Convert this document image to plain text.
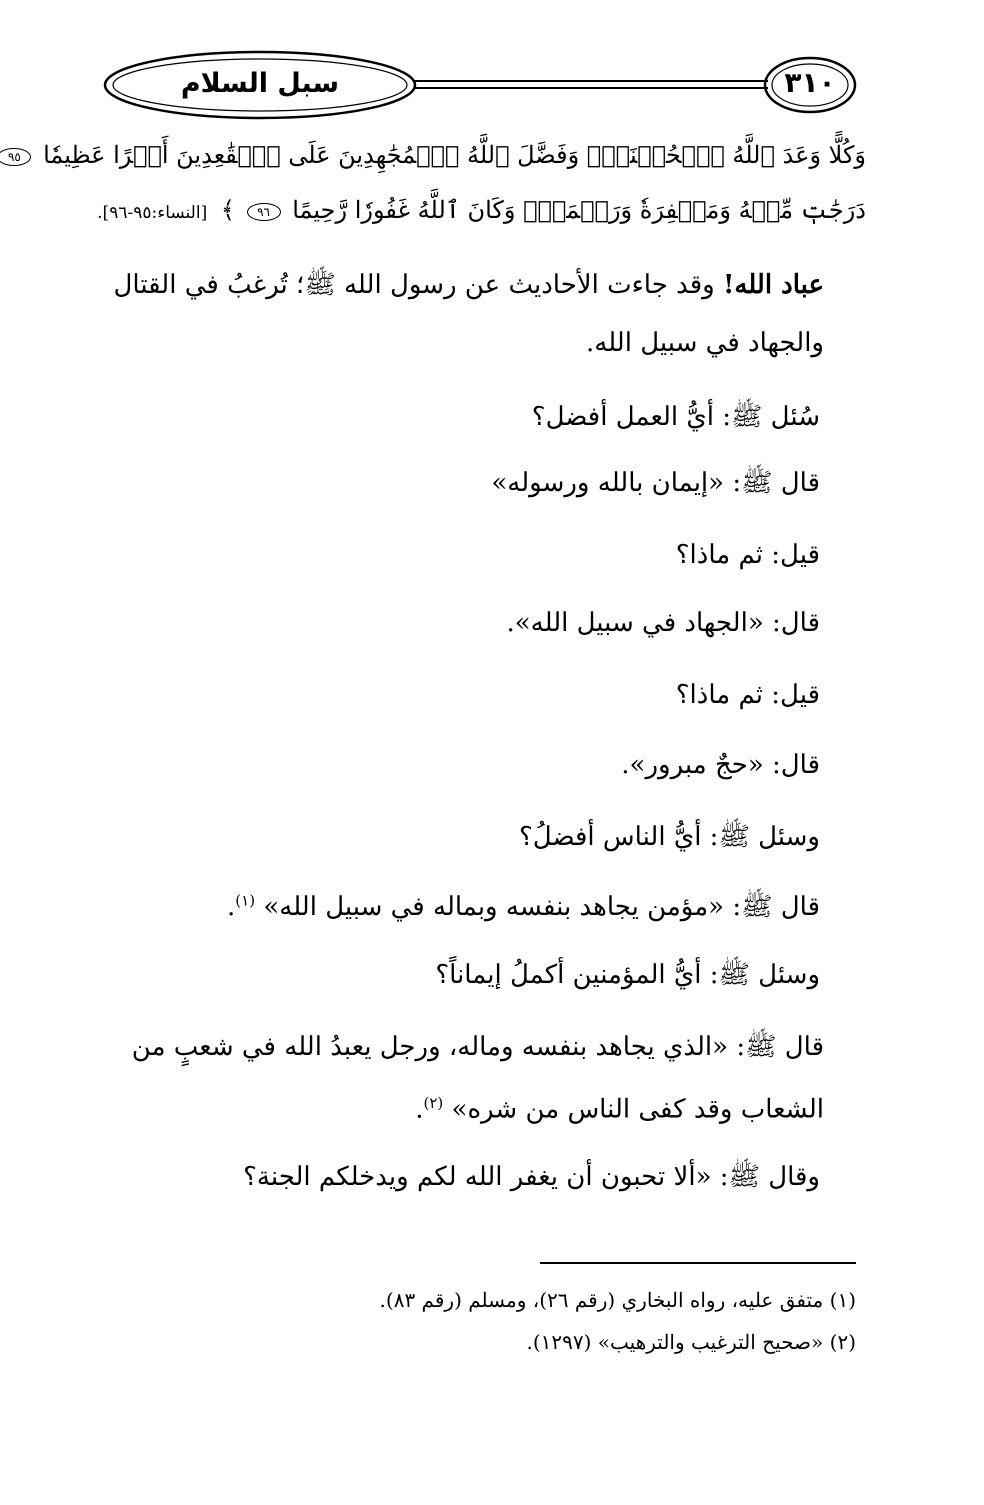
سبل السلام	٣١٠
وَكُلًّا وَعَدَ ٱللَّهُ ٱلۡحُسۡنَىٰۚ وَفَضَّلَ ٱللَّهُ ٱلۡمُجَٰهِدِينَ عَلَى ٱلۡقَٰعِدِينَ أَجۡرًا عَظِيمٗا ٩٥
دَرَجَٰتٖ مِّنۡهُ وَمَغۡفِرَةٗ وَرَحۡمَةٗۚ وَكَانَ ٱللَّهُ غَفُورٗا رَّحِيمًا ٩٦ ﴾ [النساء:٩٥-٩٦].
عباد الله! وقد جاءت الأحاديث عن رسول الله ﷺ؛ تُرغبُ في القتال
والجهاد في سبيل الله.
سُئل ﷺ: أيُّ العمل أفضل؟
قال ﷺ: «إيمان بالله ورسوله»
قيل: ثم ماذا؟
قال: «الجهاد في سبيل الله».
قيل: ثم ماذا؟
قال: «حجٌ مبرور».
وسئل ﷺ: أيُّ الناس أفضلُ؟
قال ﷺ: «مؤمن يجاهد بنفسه وبماله في سبيل الله» $^{(١)}$.
وسئل ﷺ: أيُّ المؤمنين أكملُ إيماناً؟
قال ﷺ: «الذي يجاهد بنفسه وماله، ورجل يعبدُ الله في شعبٍ من
الشعاب وقد كفى الناس من شره» $^{(٢)}$.
وقال ﷺ: «ألا تحبون أن يغفر الله لكم ويدخلكم الجنة؟
(١) متفق عليه، رواه البخاري (رقم ٢٦)، ومسلم (رقم ٨٣).
(٢) «صحيح الترغيب والترهيب» (١٢٩٧).
